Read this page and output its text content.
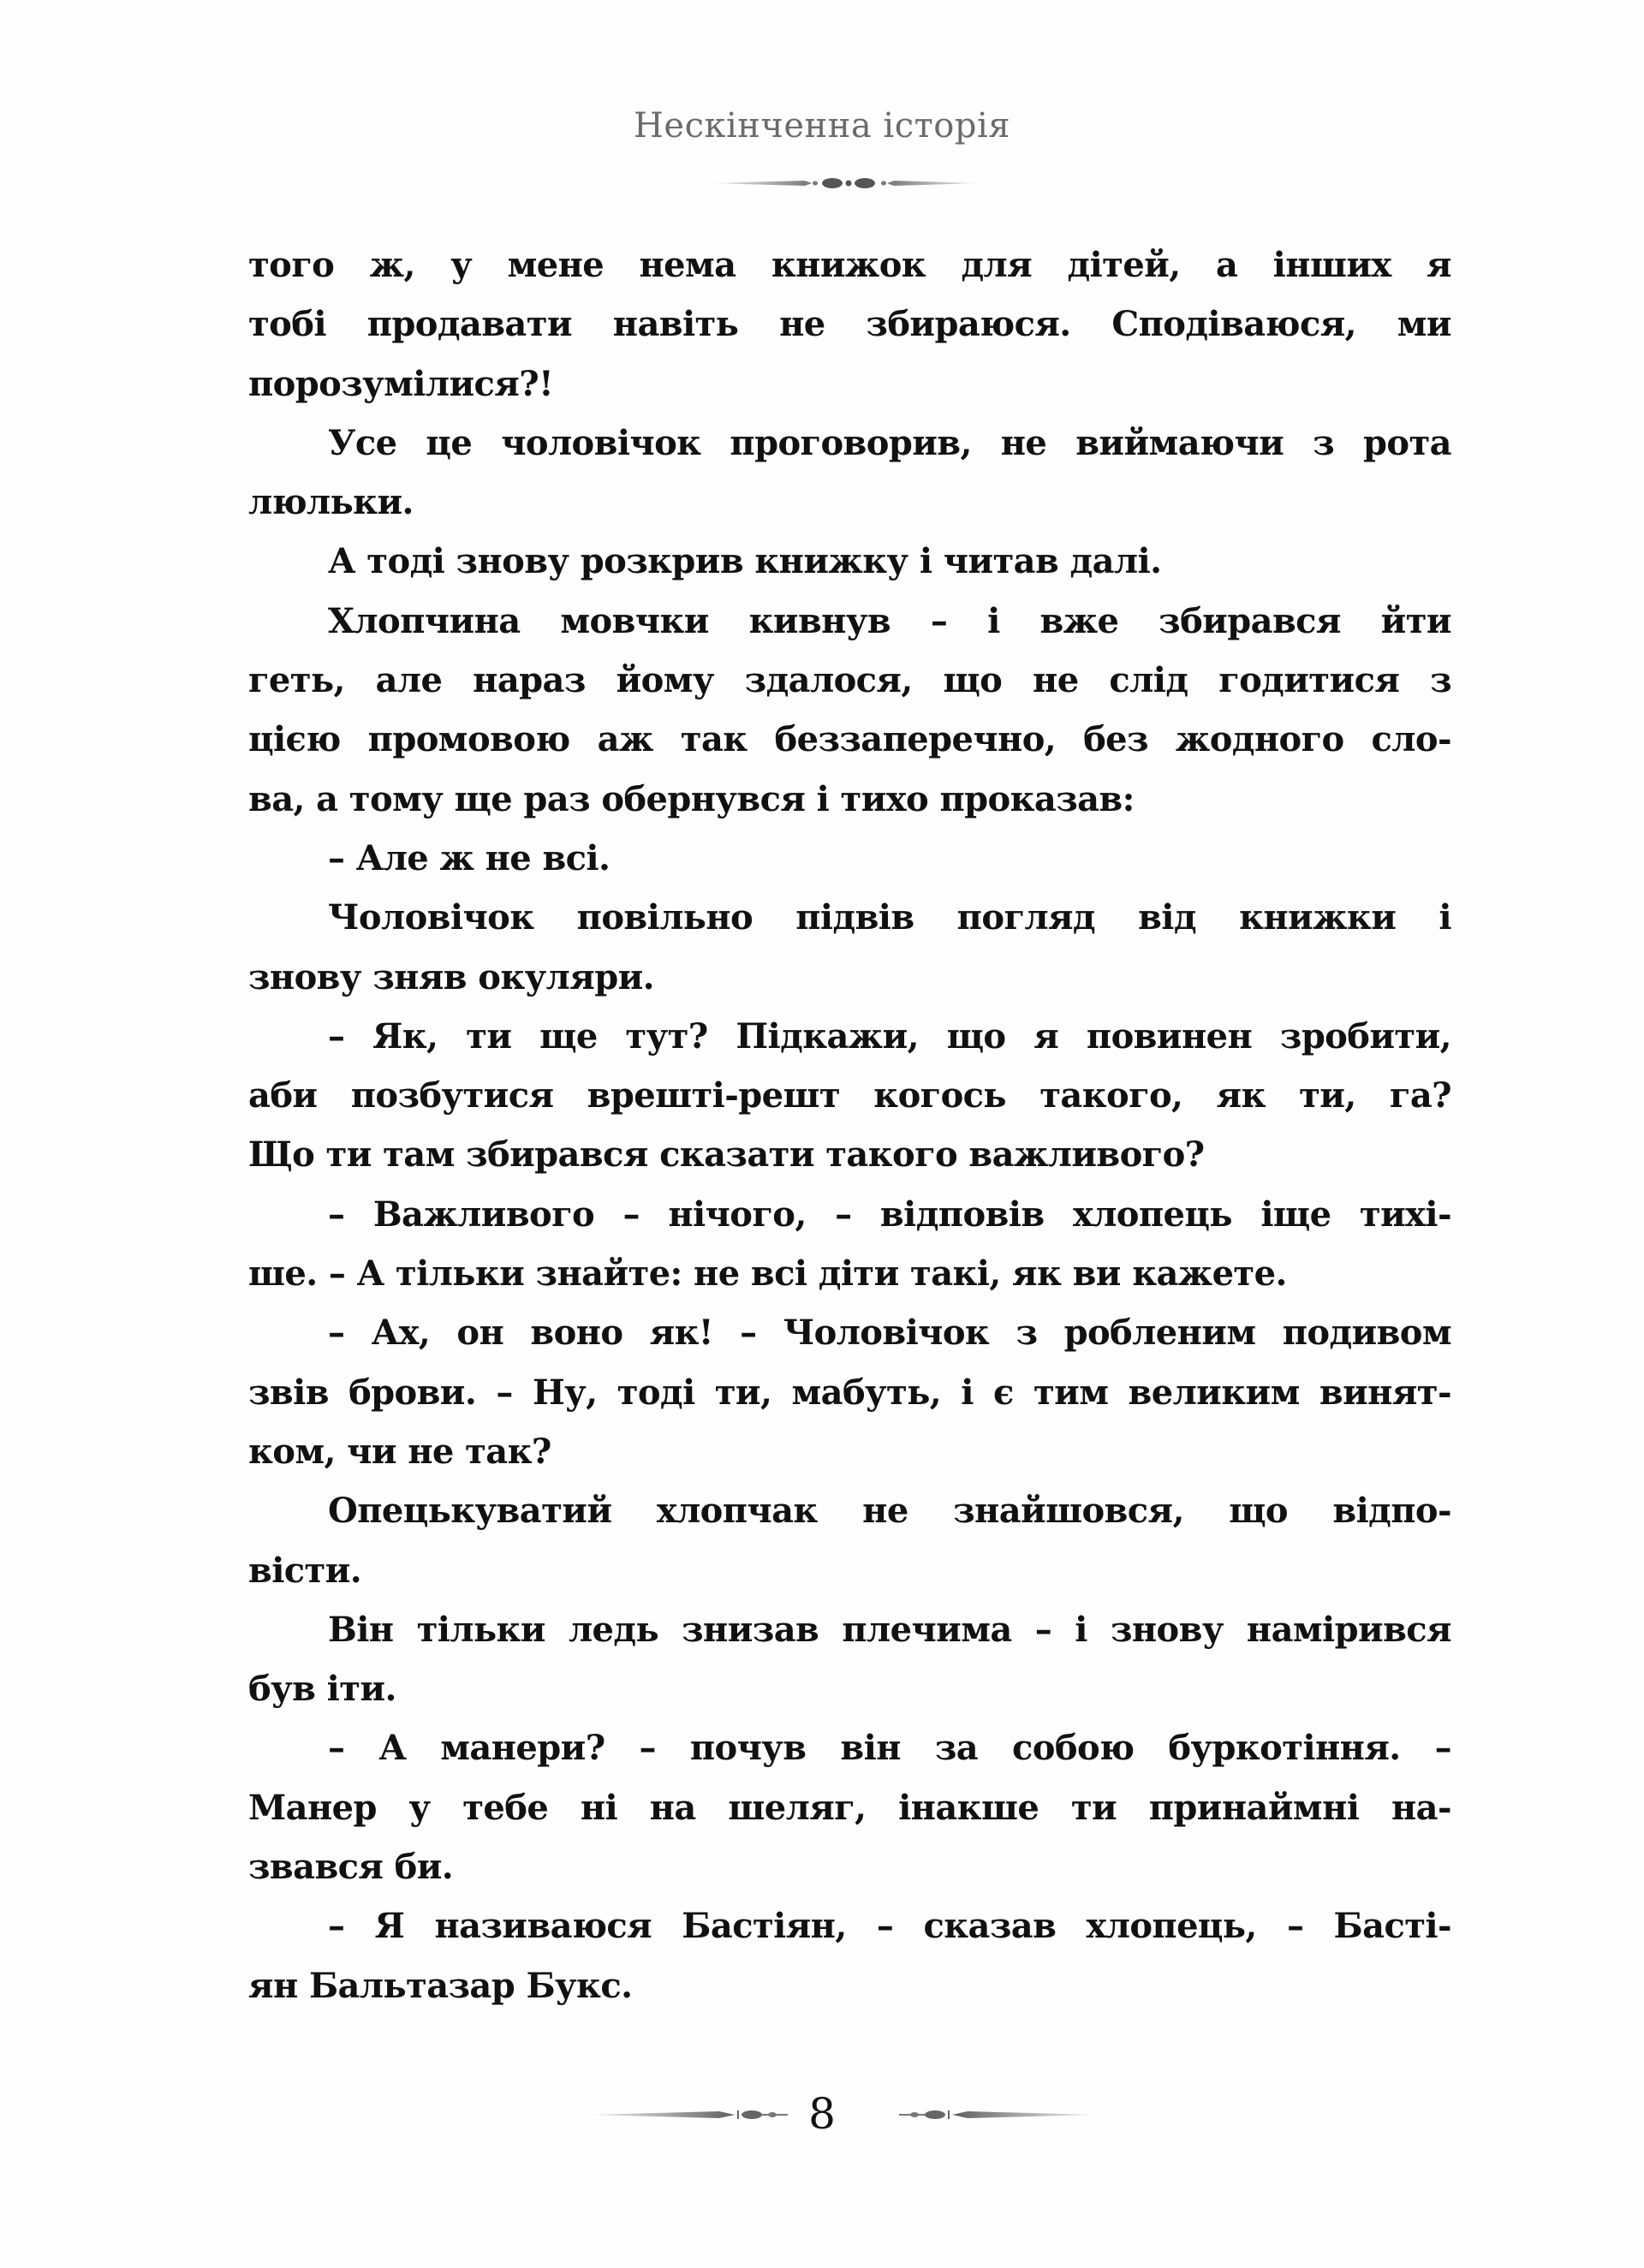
Нескінченна історія
того ж, у мене нема книжок для дітей, а інших я
тобі продавати навіть не збираюся. Сподіваюся, ми
порозумілися?!
Усе це чоловічок проговорив, не виймаючи з рота
люльки.
А тоді знову розкрив книжку і читав далі.
Хлопчина мовчки кивнув – і вже збирався йти
геть, але нараз йому здалося, що не слід годитися з
цією промовою аж так беззаперечно, без жодного сло-
ва, а тому ще раз обернувся і тихо проказав:
– Але ж не всі.
Чоловічок повільно підвів погляд від книжки і
знову зняв окуляри.
– Як, ти ще тут? Підкажи, що я повинен зробити,
аби позбутися врешті-решт когось такого, як ти, га?
Що ти там збирався сказати такого важливого?
– Важливого – нічого, – відповів хлопець іще тихі-
ше. – А тільки знайте: не всі діти такі, як ви кажете.
– Ах, он воно як! – Чоловічок з робленим подивом
звів брови. – Ну, тоді ти, мабуть, і є тим великим винят-
ком, чи не так?
Опецькуватий хлопчак не знайшовся, що відпо-
вісти.
Він тільки ледь знизав плечима – і знову намірився
був іти.
– А манери? – почув він за собою буркотіння. –
Манер у тебе ні на шеляг, інакше ти принаймні на-
звався би.
– Я називаюся Бастіян, – сказав хлопець, – Басті-
ян Бальтазар Букс.
8
